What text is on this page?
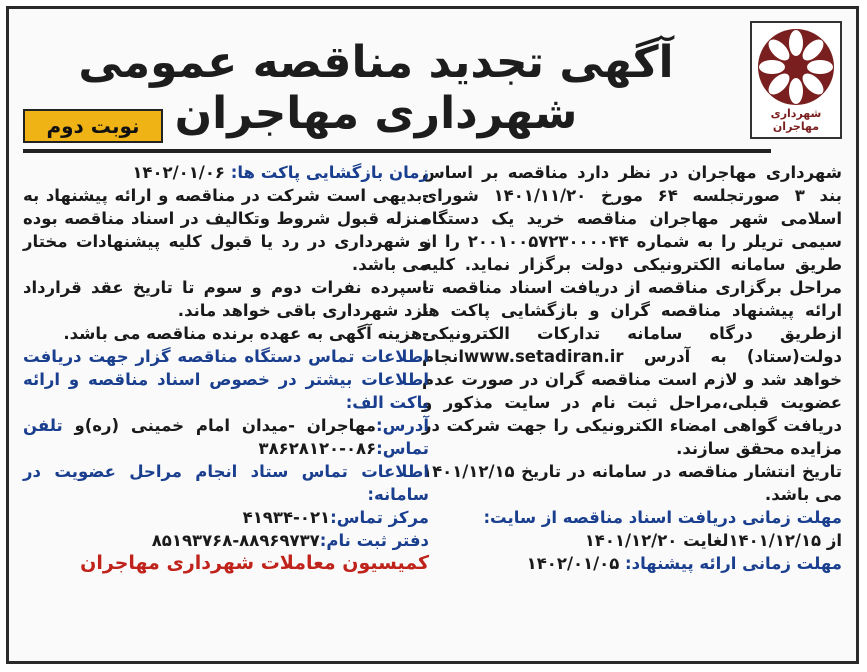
شهرداری مهاجران
آگهی تجدید مناقصه عمومی شهرداری مهاجران
نوبت دوم

شهرداری مهاجران در نظر دارد مناقصه بر اساس بند ۳ صورتجلسه ۶۴ مورخ ۱۴۰۱/۱۱/۲۰ شورای اسلامی شهر مهاجران مناقصه خرید یک دستگاه سیمی تریلر را به شماره ۲۰۰۱۰۰۵۷۲۳۰۰۰۰۴۴ را از طریق سامانه الکترونیکی دولت برگزار نماید. کلیه مراحل برگزاری مناقصه از دریافت اسناد مناقصه تا ارائه پیشنهاد مناقصه گران و بازگشایی پاکت ها ازطریق درگاه سامانه تدارکات الکترونیکی دولت(ستاد) به آدرس www.setadiran.irانجام خواهد شد و لازم است مناقصه گران در صورت عدم عضویت قبلی،مراحل ثبت نام در سایت مذکور و دریافت گواهی امضاء الکترونیکی را جهت شرکت در مزایده محقق سازند.

تاریخ انتشار مناقصه در سامانه در تاریخ ۱۴۰۱/۱۲/۱۵ می باشد.

مهلت زمانی دریافت اسناد مناقصه از سایت:

از ۱۴۰۱/۱۲/۱۵لغایت ۱۴۰۱/۱۲/۲۰

مهلت زمانی ارائه پیشنهاد: ۱۴۰۲/۰۱/۰۵

زمان بازگشایی پاکت ها: ۱۴۰۲/۰۱/۰۶

-بدیهی است شرکت در مناقصه و ارائه پیشنهاد به منزله قبول شروط وتکالیف در اسناد مناقصه بوده و شهرداری در رد یا قبول کلیه پیشنهادات مختار می باشد.

-سپرده نفرات دوم و سوم تا تاریخ عقد قرارداد نزد شهرداری باقی خواهد ماند.

-هزینه آگهی به عهده برنده مناقصه می باشد.

اطلاعات تماس دستگاه مناقصه گزار جهت دریافت اطلاعات بیشتر در خصوص اسناد مناقصه و ارائه پاکت الف:

آدرس:مهاجران -میدان امام خمینی (ره)و تلفن تماس:۰۸۶-۳۸۶۲۸۱۲۰

اطلاعات تماس ستاد انجام مراحل عضویت در سامانه:

مرکز تماس:۰۲۱-۴۱۹۳۴

دفتر ثبت نام:۸۸۹۶۹۷۳۷-۸۵۱۹۳۷۶۸

کمیسیون معاملات شهرداری مهاجران
